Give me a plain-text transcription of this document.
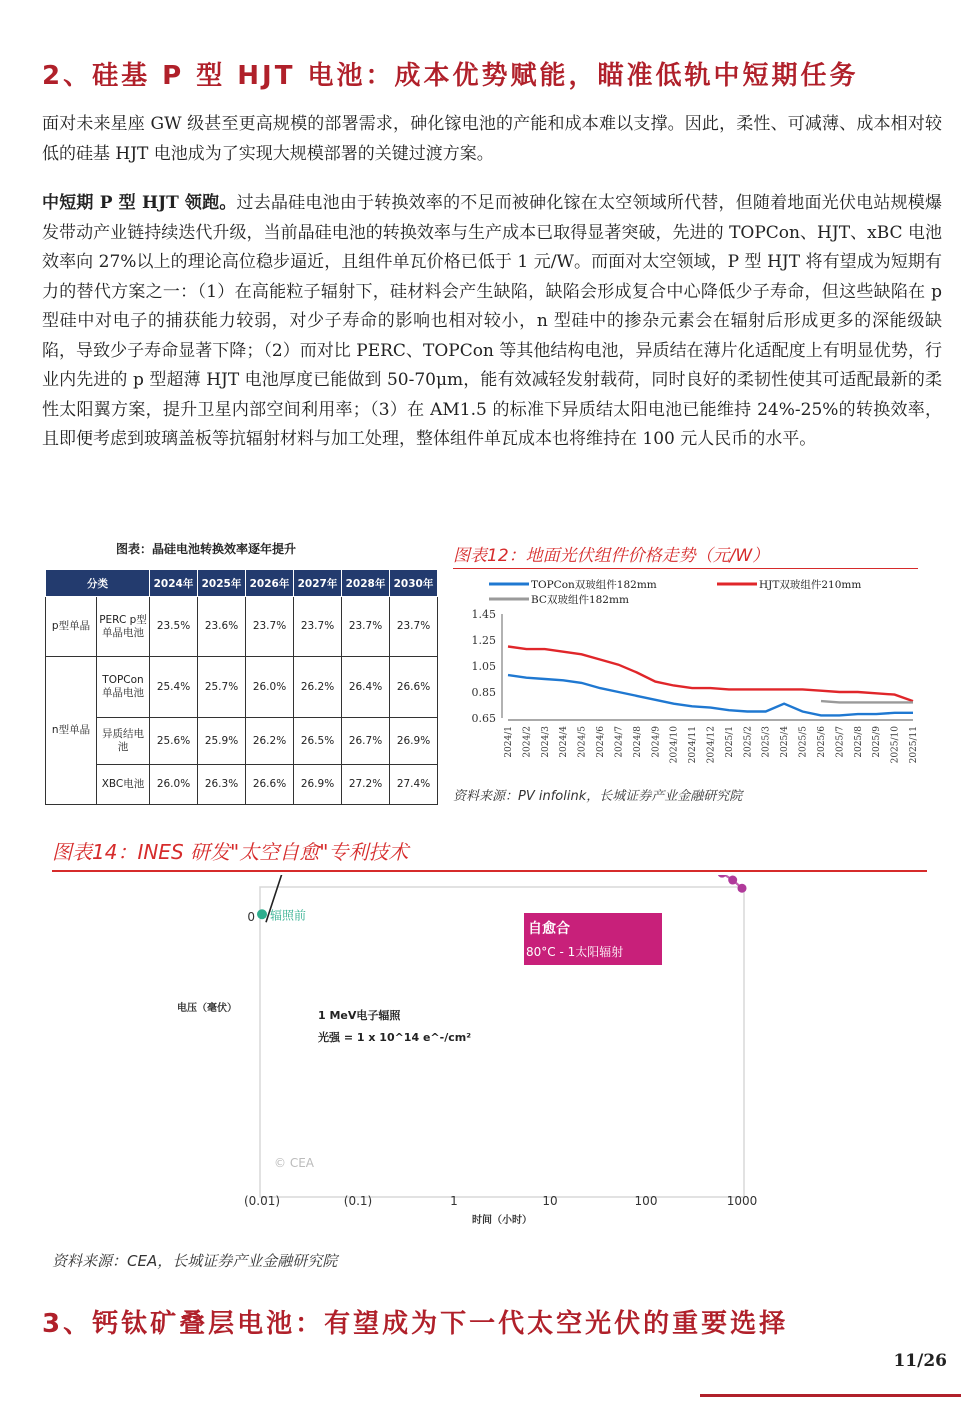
2、硅基 P 型 HJT 电池：成本优势赋能，瞄准低轨中短期任务
面对未来星座 GW 级甚至更高规模的部署需求，砷化镓电池的产能和成本难以支撑。因此，柔性、可减薄、成本相对较低的硅基 HJT 电池成为了实现大规模部署的关键过渡方案。
中短期 P 型 HJT 领跑。过去晶硅电池由于转换效率的不足而被砷化镓在太空领域所代替，但随着地面光伏电站规模爆发带动产业链持续迭代升级，当前晶硅电池的转换效率与生产成本已取得显著突破，先进的 TOPCon、HJT、xBC 电池效率向 27%以上的理论高位稳步逼近，且组件单瓦价格已低于 1 元/W。而面对太空领域，P 型 HJT 将有望成为短期有力的替代方案之一：（1）在高能粒子辐射下，硅材料会产生缺陷，缺陷会形成复合中心降低少子寿命，但这些缺陷在 p 型硅中对电子的捕获能力较弱，对少子寿命的影响也相对较小，n 型硅中的掺杂元素会在辐射后形成更多的深能级缺陷，导致少子寿命显著下降；（2）而对比 PERC、TOPCon 等其他结构电池，异质结在薄片化适配度上有明显优势，行业内先进的 p 型超薄 HJT 电池厚度已能做到 50-70μm，能有效减轻发射载荷，同时良好的柔韧性使其可适配最新的柔性太阳翼方案，提升卫星内部空间利用率；（3）在 AM1.5 的标准下异质结太阳电池已能维持 24%-25%的转换效率，且即便考虑到玻璃盖板等抗辐射材料与加工处理，整体组件单瓦成本也将维持在 100 元人民币的水平。
图表：晶硅电池转换效率逐年提升
分类		2024年	2025年	2026年	2027年	2028年	2030年
p型单晶	PERC p型单晶电池	23.5%	23.6%	23.7%	23.7%	23.7%	23.7%
n型单晶	TOPCon单晶电池	25.4%	25.7%	26.0%	26.2%	26.4%	26.6%
	异质结电池	25.6%	25.9%	26.2%	26.5%	26.7%	26.9%
	XBC电池	26.0%	26.3%	26.6%	26.9%	27.2%	27.4%
图表12：地面光伏组件价格走势（元/W）
TOPCon双玻组件182mm	HJT双玻组件210mm
BC双玻组件182mm
1.45
1.25
1.05
0.85
0.65
2024/1 2024/2 2024/3 2024/4 2024/5 2024/6 2024/7 2024/8 2024/9 2024/10 2024/11 2024/12 2025/1 2025/2 2025/3 2025/4 2025/5 2025/6 2025/7 2025/8 2025/9 2025/10 2025/11
资料来源：PV infolink，长城证券产业金融研究院
图表14：INES 研发"太空自愈"专利技术
电压（毫伏）
时间（小时）
© CEA
自愈合
80°C - 1太阳辐射
1 MeV电子辐照
光强 = 1 x 10^14 e^-/cm²
0
(0.01)	(0.1)	1	10	100	1000
辐照前
资料来源：CEA，长城证券产业金融研究院
3、钙钛矿叠层电池：有望成为下一代太空光伏的重要选择
11/26
